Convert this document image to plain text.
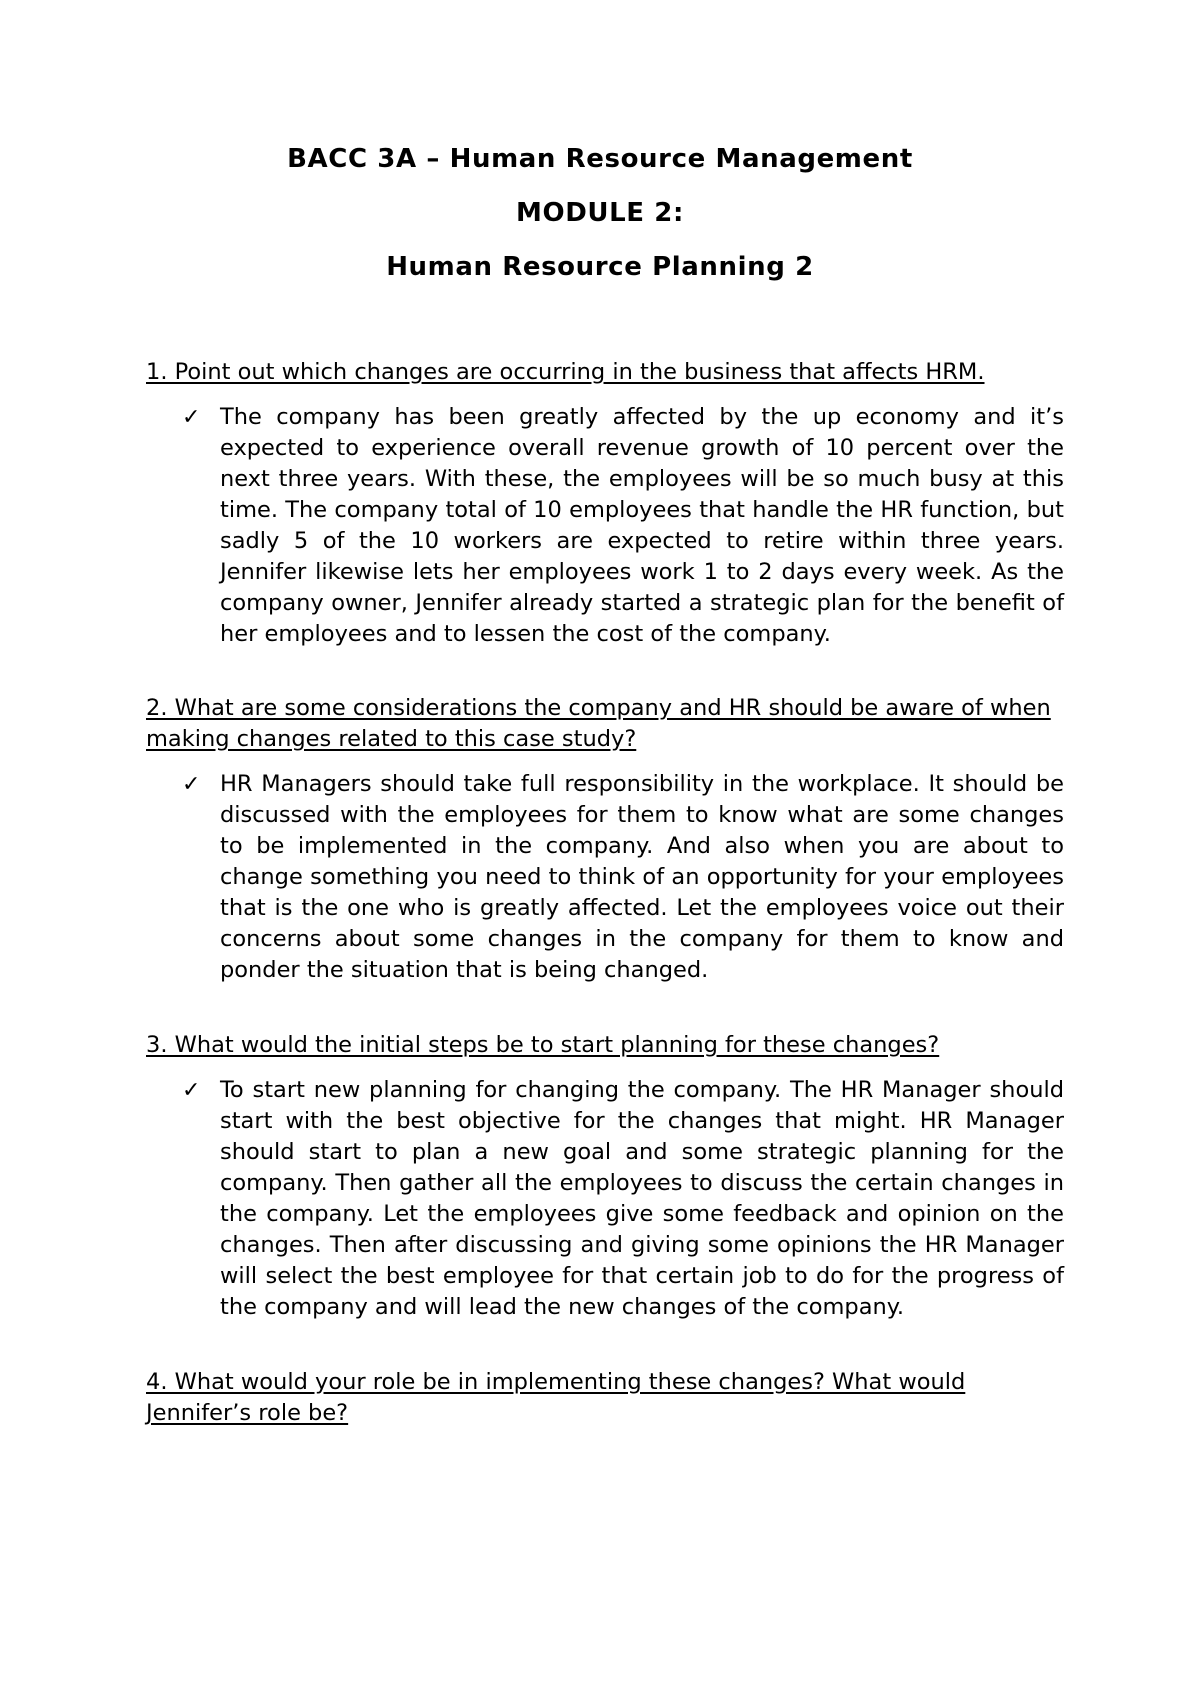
BACC 3A – Human Resource Management
MODULE 2:
Human Resource Planning 2

1. Point out which changes are occurring in the business that affects HRM.

✓ The company has been greatly affected by the up economy and it’s expected to experience overall revenue growth of 10 percent over the next three years. With these, the employees will be so much busy at this time. The company total of 10 employees that handle the HR function, but sadly 5 of the 10 workers are expected to retire within three years. Jennifer likewise lets her employees work 1 to 2 days every week. As the company owner, Jennifer already started a strategic plan for the benefit of her employees and to lessen the cost of the company.

2. What are some considerations the company and HR should be aware of when making changes related to this case study?

✓ HR Managers should take full responsibility in the workplace. It should be discussed with the employees for them to know what are some changes to be implemented in the company. And also when you are about to change something you need to think of an opportunity for your employees that is the one who is greatly affected. Let the employees voice out their concerns about some changes in the company for them to know and ponder the situation that is being changed.

3. What would the initial steps be to start planning for these changes?

✓ To start new planning for changing the company. The HR Manager should start with the best objective for the changes that might. HR Manager should start to plan a new goal and some strategic planning for the company. Then gather all the employees to discuss the certain changes in the company. Let the employees give some feedback and opinion on the changes. Then after discussing and giving some opinions the HR Manager will select the best employee for that certain job to do for the progress of the company and will lead the new changes of the company.

4. What would your role be in implementing these changes? What would Jennifer’s role be?
